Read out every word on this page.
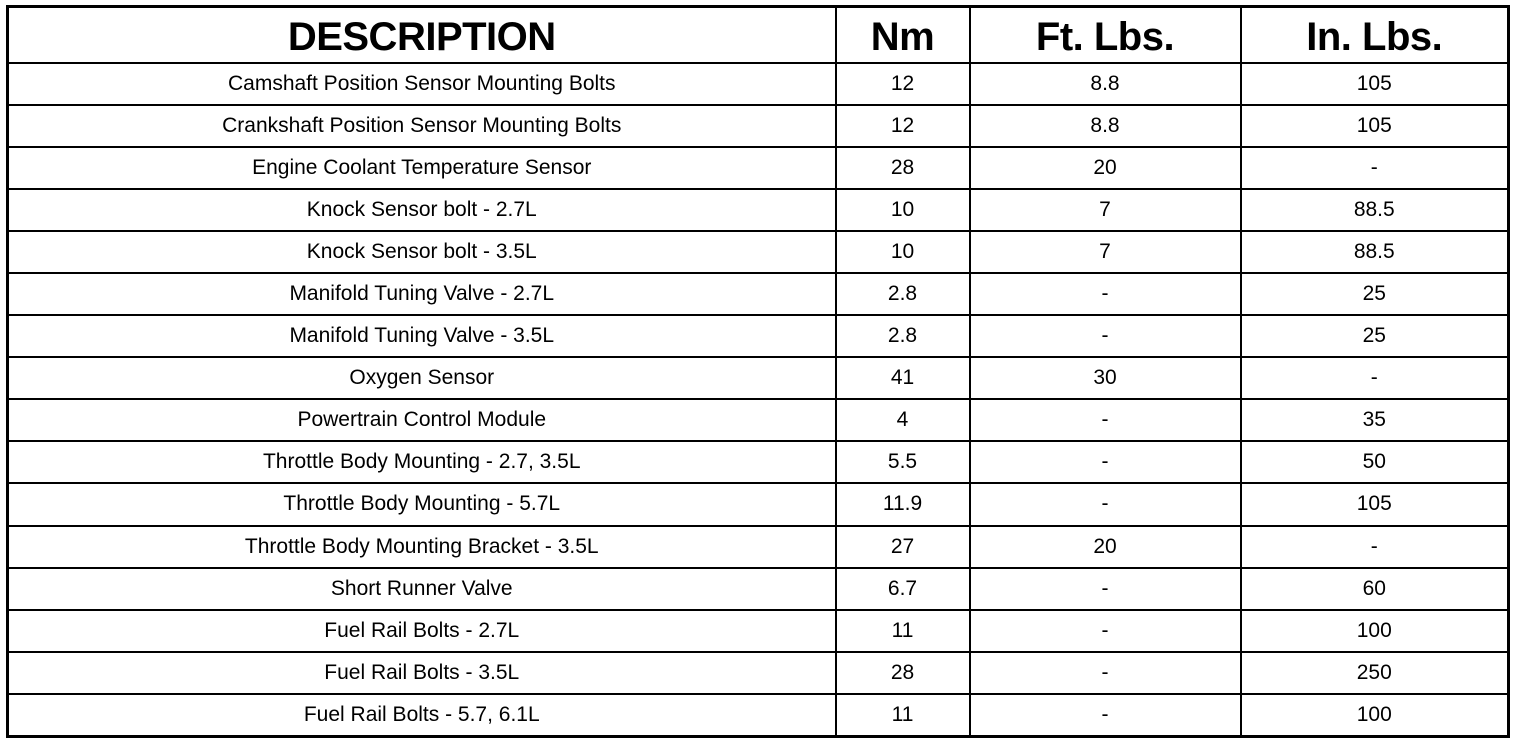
DESCRIPTION	Nm	Ft. Lbs.	In. Lbs.
Camshaft Position Sensor Mounting Bolts	12	8.8	105
Crankshaft Position Sensor Mounting Bolts	12	8.8	105
Engine Coolant Temperature Sensor	28	20	-
Knock Sensor bolt - 2.7L	10	7	88.5
Knock Sensor bolt - 3.5L	10	7	88.5
Manifold Tuning Valve - 2.7L	2.8	-	25
Manifold Tuning Valve - 3.5L	2.8	-	25
Oxygen Sensor	41	30	-
Powertrain Control Module	4	-	35
Throttle Body Mounting - 2.7, 3.5L	5.5	-	50
Throttle Body Mounting - 5.7L	11.9	-	105
Throttle Body Mounting Bracket - 3.5L	27	20	-
Short Runner Valve	6.7	-	60
Fuel Rail Bolts - 2.7L	11	-	100
Fuel Rail Bolts - 3.5L	28	-	250
Fuel Rail Bolts - 5.7, 6.1L	11	-	100
